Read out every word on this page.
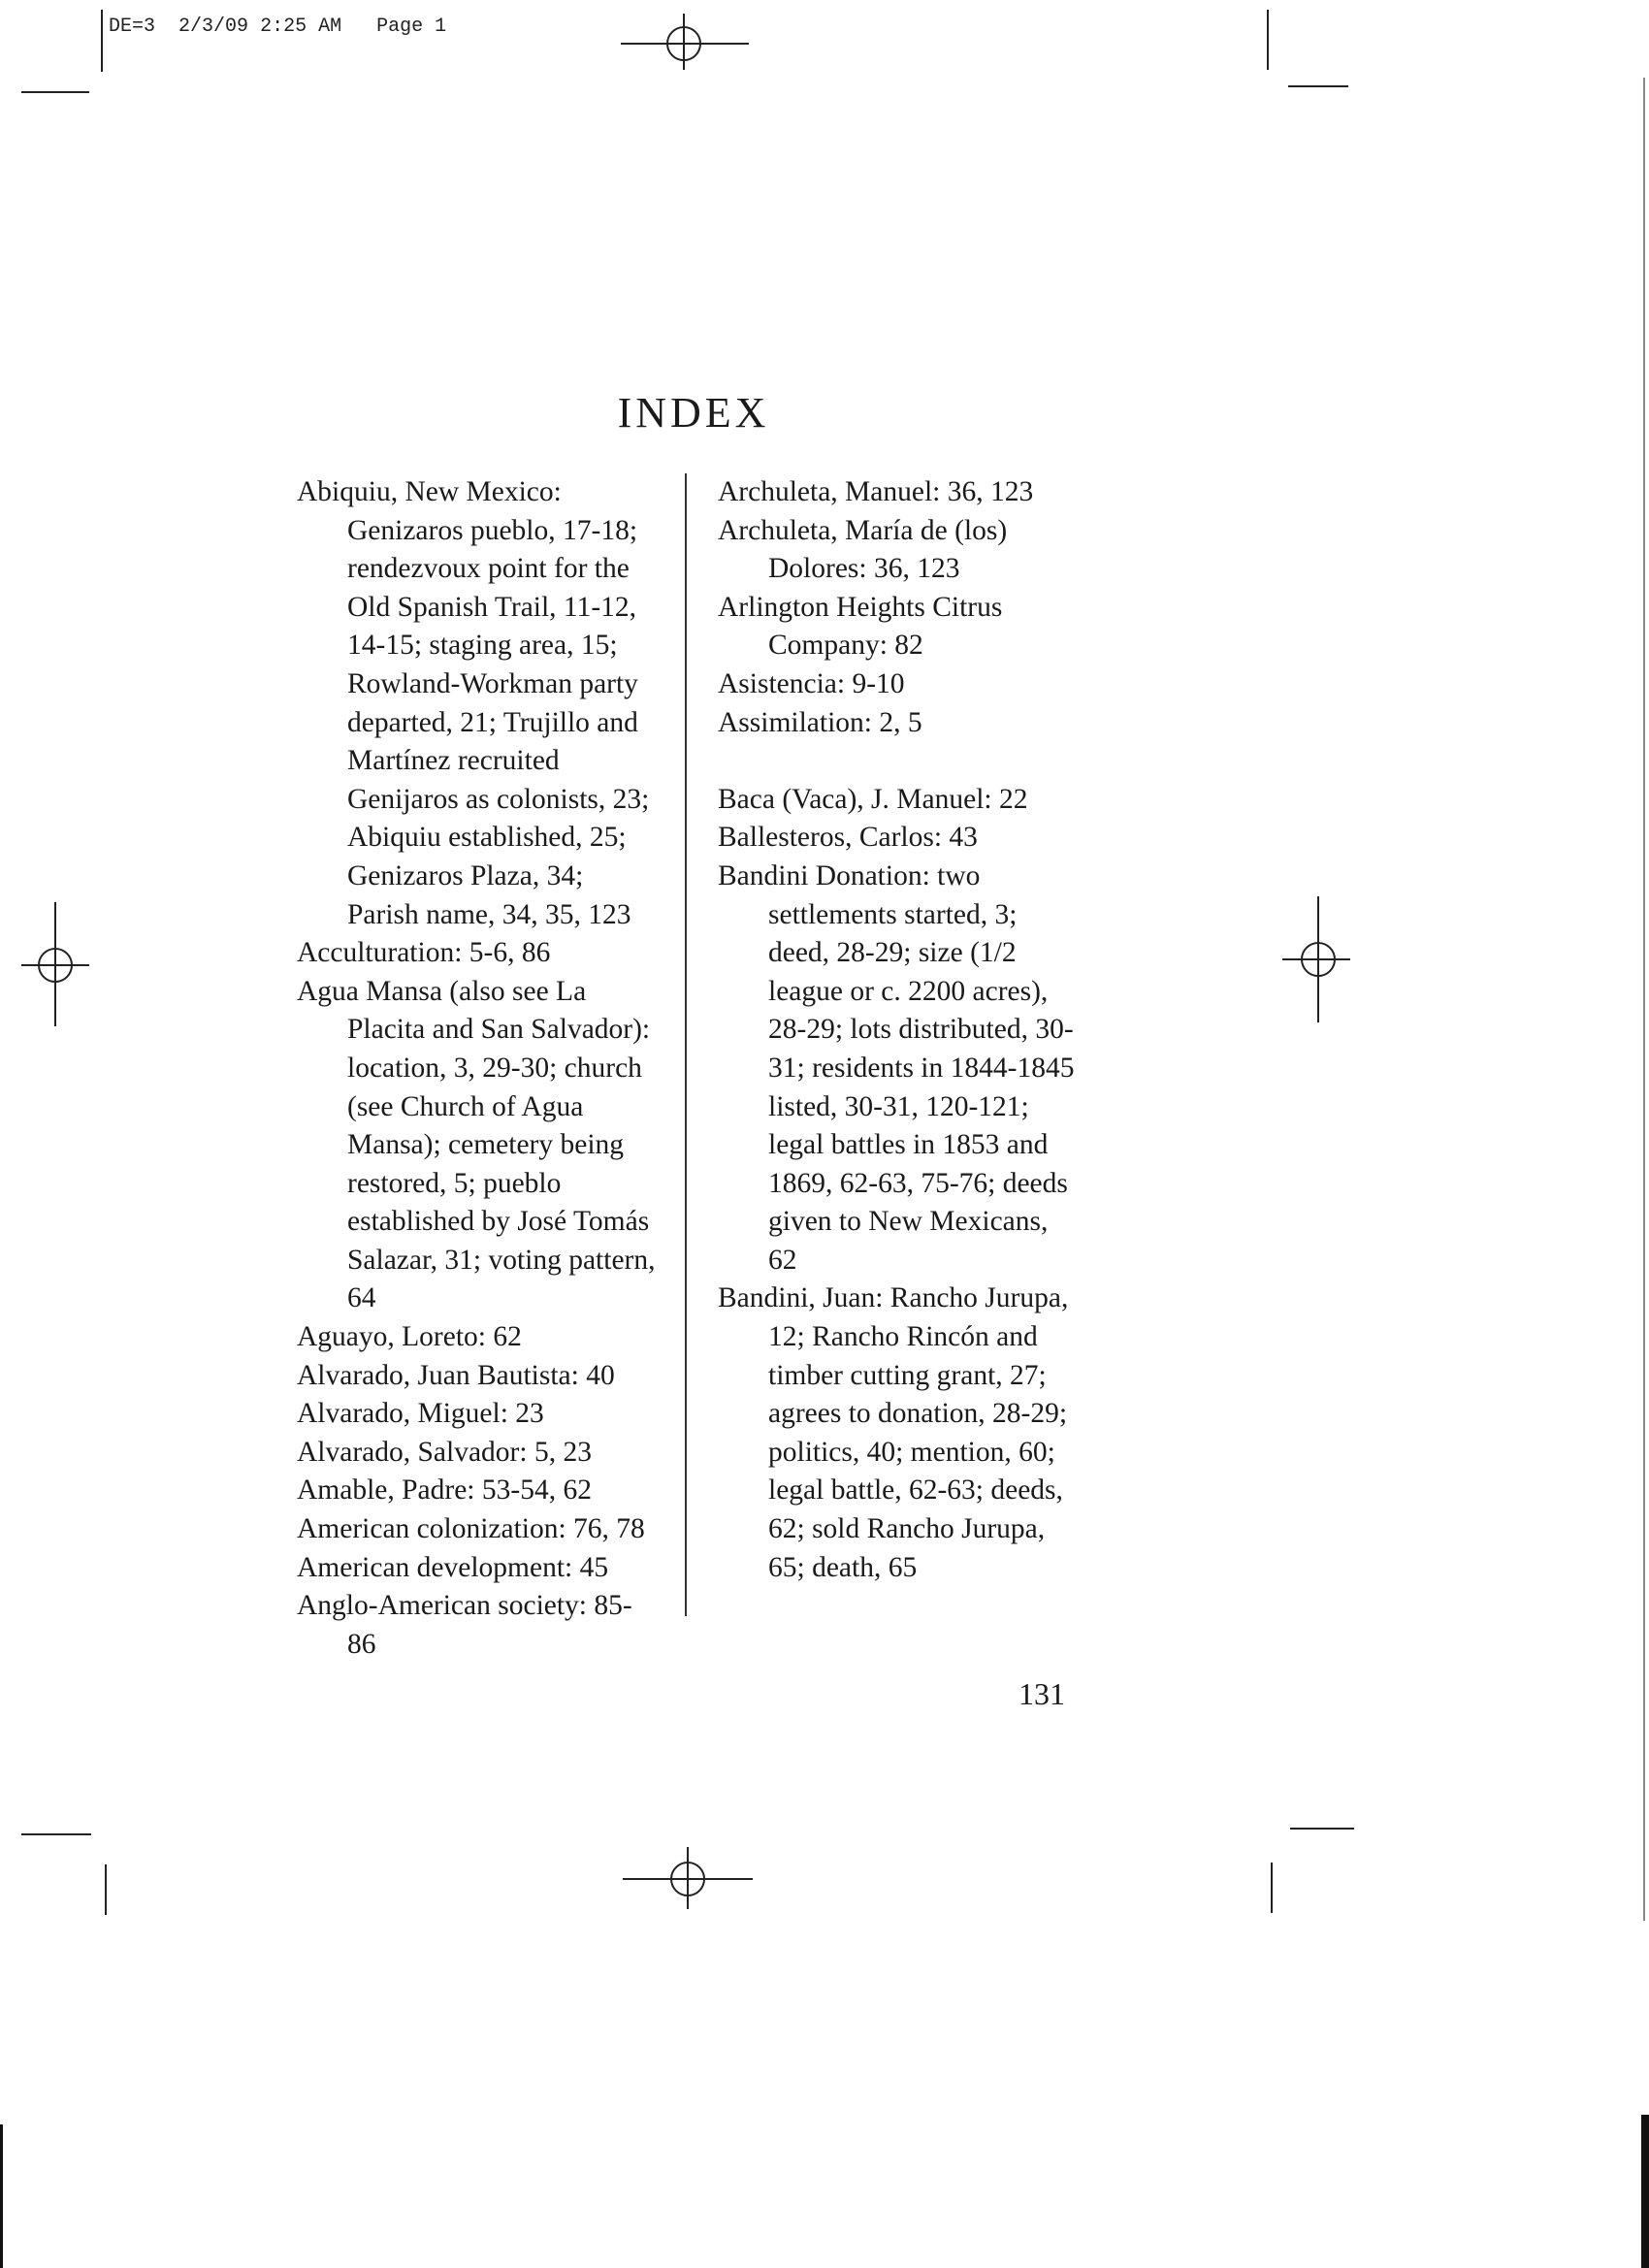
DE=3 2/3/09 2:25 AM Page 1
INDEX
Abiquiu, New Mexico: Genizaros pueblo, 17-18; rendezvoux point for the Old Spanish Trail, 11-12, 14-15; staging area, 15; Rowland-Workman party departed, 21; Trujillo and Martínez recruited Genijaros as colonists, 23; Abiquiu established, 25; Genizaros Plaza, 34; Parish name, 34, 35, 123
Acculturation: 5-6, 86
Agua Mansa (also see La Placita and San Salvador): location, 3, 29-30; church (see Church of Agua Mansa); cemetery being restored, 5; pueblo established by José Tomás Salazar, 31; voting pattern, 64
Aguayo, Loreto: 62
Alvarado, Juan Bautista: 40
Alvarado, Miguel: 23
Alvarado, Salvador: 5, 23
Amable, Padre: 53-54, 62
American colonization: 76, 78
American development: 45
Anglo-American society: 85-86
Archuleta, Manuel: 36, 123
Archuleta, María de (los) Dolores: 36, 123
Arlington Heights Citrus Company: 82
Asistencia: 9-10
Assimilation: 2, 5
Baca (Vaca), J. Manuel: 22
Ballesteros, Carlos: 43
Bandini Donation: two settlements started, 3; deed, 28-29; size (1/2 league or c. 2200 acres), 28-29; lots distributed, 30-31; residents in 1844-1845 listed, 30-31, 120-121; legal battles in 1853 and 1869, 62-63, 75-76; deeds given to New Mexicans, 62
Bandini, Juan: Rancho Jurupa, 12; Rancho Rincón and timber cutting grant, 27; agrees to donation, 28-29; politics, 40; mention, 60; legal battle, 62-63; deeds, 62; sold Rancho Jurupa, 65; death, 65
131
